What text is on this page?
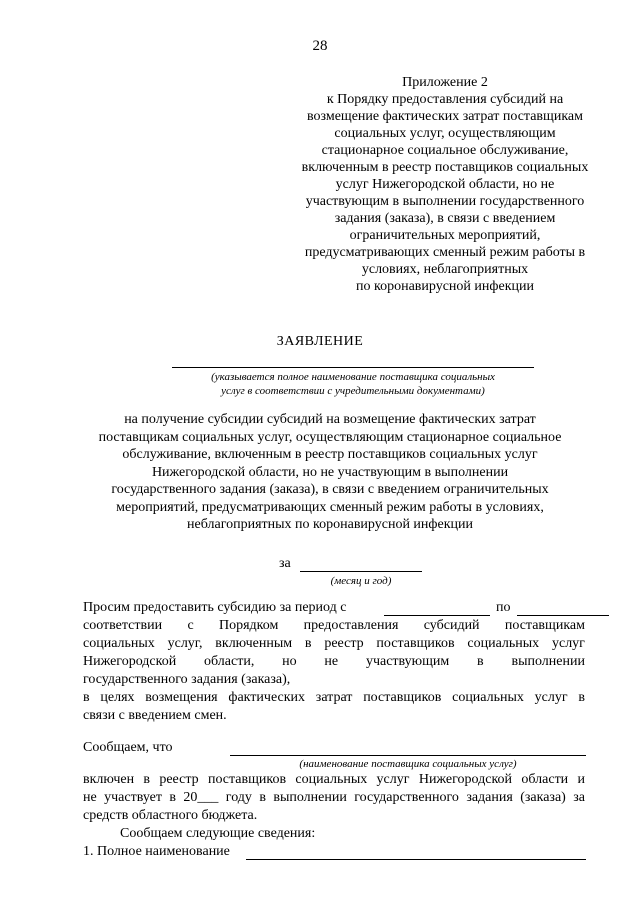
28
Приложение 2
к Порядку предоставления субсидий на
возмещение фактических затрат поставщикам
социальных услуг, осуществляющим
стационарное социальное обслуживание,
включенным в реестр поставщиков социальных
услуг Нижегородской области, но не
участвующим в выполнении государственного
задания (заказа), в связи с введением
ограничительных мероприятий,
предусматривающих сменный режим работы в
условиях, неблагоприятных
по коронавирусной инфекции
ЗАЯВЛЕНИЕ
(указывается полное наименование поставщика социальных
услуг в соответствии с учредительными документами)
на получение субсидии субсидий на возмещение фактических затрат
поставщикам социальных услуг, осуществляющим стационарное социальное
обслуживание, включенным в реестр поставщиков социальных услуг
Нижегородской области, но не участвующим в выполнении
государственного задания (заказа), в связи с введением ограничительных
мероприятий, предусматривающих сменный режим работы в условиях,
неблагоприятных по коронавирусной инфекции
за
(месяц и год)
Просим предоставить субсидию за период с	по
соответствии с Порядком предоставления субсидий поставщикам
социальных услуг, включенным в реестр поставщиков социальных услуг
Нижегородской области, но не участвующим в выполнении
государственного задания (заказа),
в целях возмещения фактических затрат поставщиков социальных услуг в
связи с введением смен.
Сообщаем, что
(наименование поставщика социальных услуг)
включен в реестр поставщиков социальных услуг Нижегородской области и
не участвует в 20___ году в выполнении государственного задания (заказа) за
средств областного бюджета.
Сообщаем следующие сведения:
1. Полное наименование
